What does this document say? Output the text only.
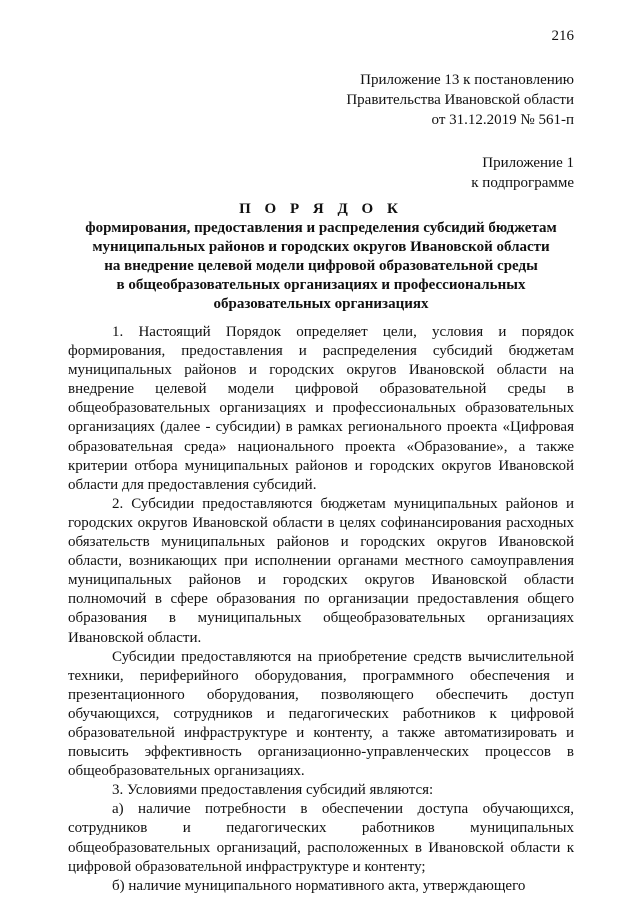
216
Приложение 13 к постановлению
Правительства Ивановской области
от 31.12.2019 № 561-п
Приложение 1
к подпрограмме
П О Р Я Д О К
формирования, предоставления и распределения субсидий бюджетам
муниципальных районов и городских округов Ивановской области
на внедрение целевой модели цифровой образовательной среды
в общеобразовательных организациях и профессиональных
образовательных организациях

1. Настоящий Порядок определяет цели, условия и порядок формирования, предоставления и распределения субсидий бюджетам муниципальных районов и городских округов Ивановской области на внедрение целевой модели цифровой образовательной среды в общеобразовательных организациях и профессиональных образовательных организациях (далее - субсидии) в рамках регионального проекта «Цифровая образовательная среда» национального проекта «Образование», а также критерии отбора муниципальных районов и городских округов Ивановской области для предоставления субсидий.

2. Субсидии предоставляются бюджетам муниципальных районов и городских округов Ивановской области в целях софинансирования расходных обязательств муниципальных районов и городских округов Ивановской области, возникающих при исполнении органами местного самоуправления муниципальных районов и городских округов Ивановской области полномочий в сфере образования по организации предоставления общего образования в муниципальных общеобразовательных организациях Ивановской области.

Субсидии предоставляются на приобретение средств вычислительной техники, периферийного оборудования, программного обеспечения и презентационного оборудования, позволяющего обеспечить доступ обучающихся, сотрудников и педагогических работников к цифровой образовательной инфраструктуре и контенту, а также автоматизировать и повысить эффективность организационно-управленческих процессов в общеобразовательных организациях.

3. Условиями предоставления субсидий являются:

а) наличие потребности в обеспечении доступа обучающихся, сотрудников и педагогических работников муниципальных общеобразовательных организаций, расположенных в Ивановской области к цифровой образовательной инфраструктуре и контенту;

б) наличие муниципального нормативного акта, утверждающего
